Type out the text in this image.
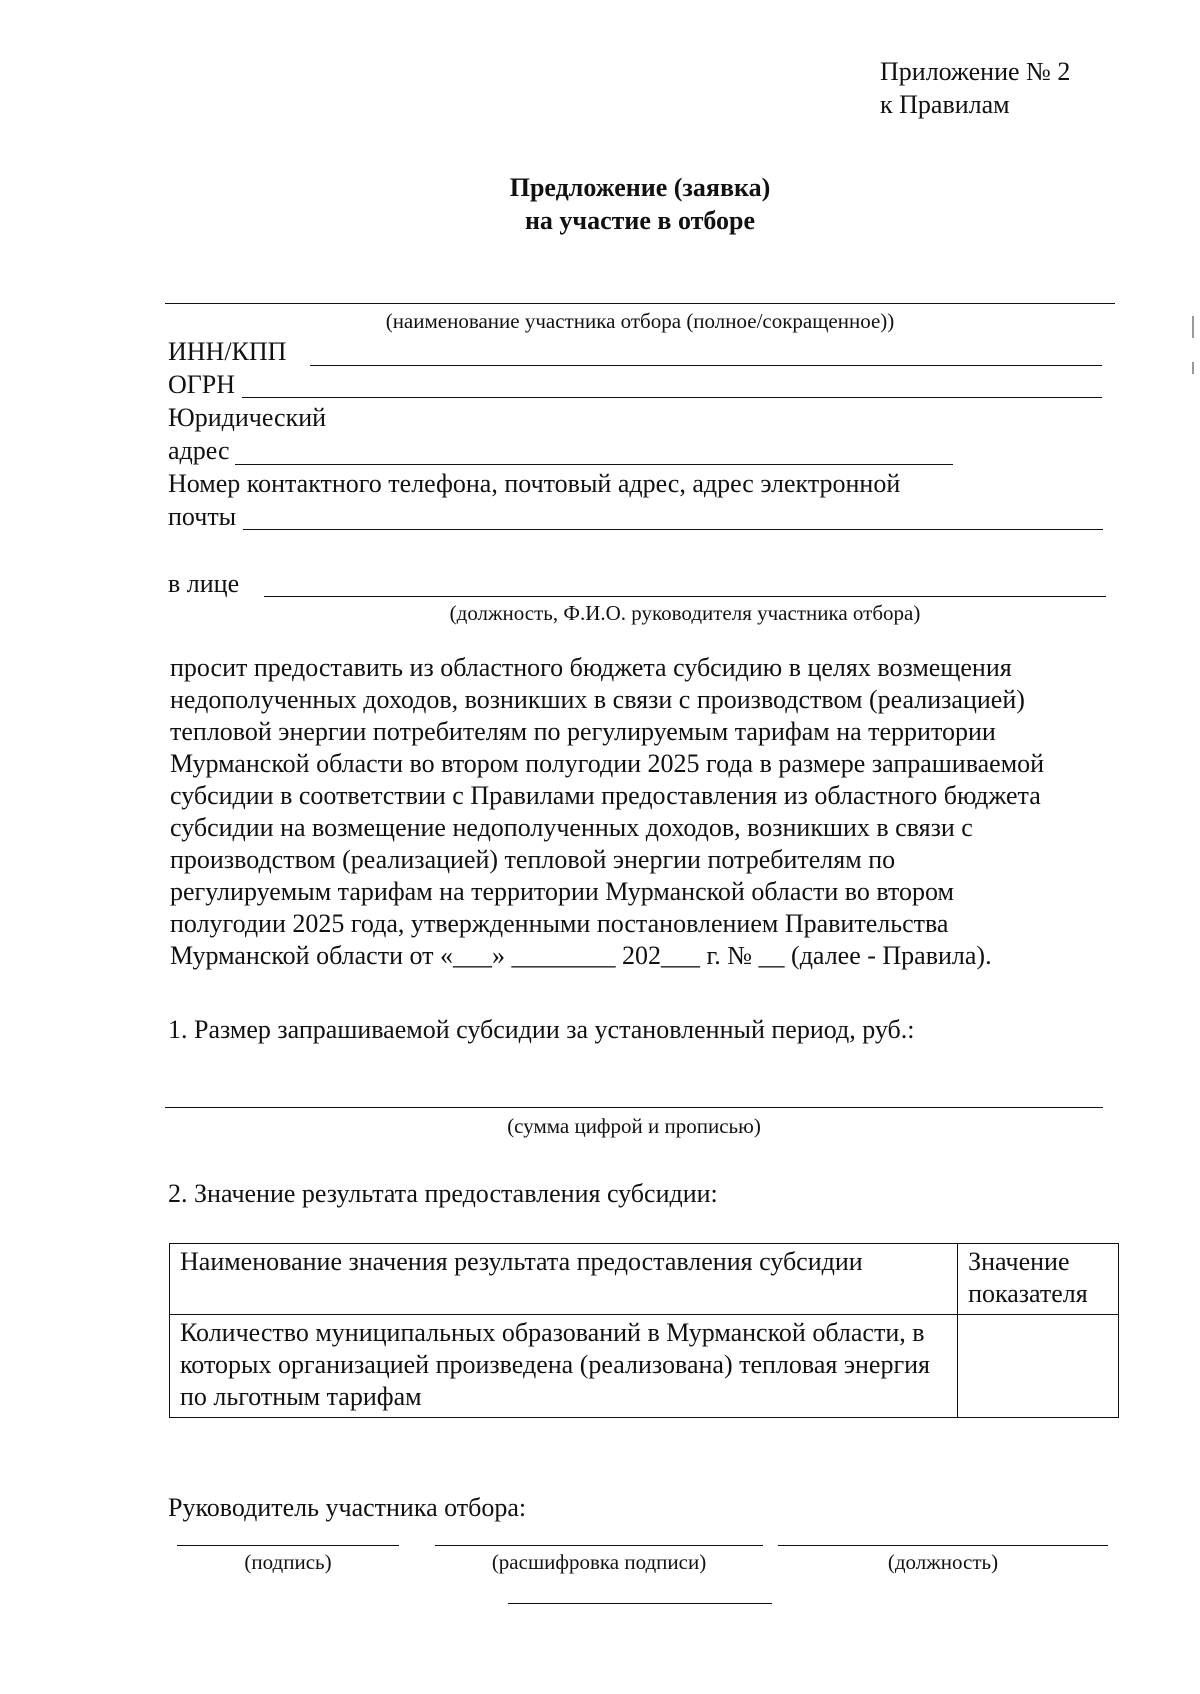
Приложение № 2
к Правилам
Предложение (заявка)
на участие в отборе
(наименование участника отбора (полное/сокращенное))
ИНН/КПП
ОГРН
Юридический
адрес
Номер контактного телефона, почтовый адрес, адрес электронной
почты
в лице
(должность, Ф.И.О. руководителя участника отбора)

просит предоставить из областного бюджета субсидию в целях возмещения

недополученных доходов, возникших в связи с производством (реализацией)

тепловой энергии потребителям по регулируемым тарифам на территории

Мурманской области во втором полугодии 2025 года в размере запрашиваемой

субсидии в соответствии с Правилами предоставления из областного бюджета

субсидии на возмещение недополученных доходов, возникших в связи с

производством (реализацией) тепловой энергии потребителям по

регулируемым тарифам на территории Мурманской области во втором

полугодии 2025 года, утвержденными постановлением Правительства

Мурманской области от «___» ________ 202___ г. № __ (далее - Правила).

1. Размер запрашиваемой субсидии за установленный период, руб.:
(сумма цифрой и прописью)
2. Значение результата предоставления субсидии:
Наименование значения результата предоставления субсидии	Значение показателя
Количество муниципальных образований в Мурманской области, в которых организацией произведена (реализована) тепловая энергия по льготным тарифам	
Руководитель участника отбора:
(подпись)	(расшифровка подписи)	(должность)
